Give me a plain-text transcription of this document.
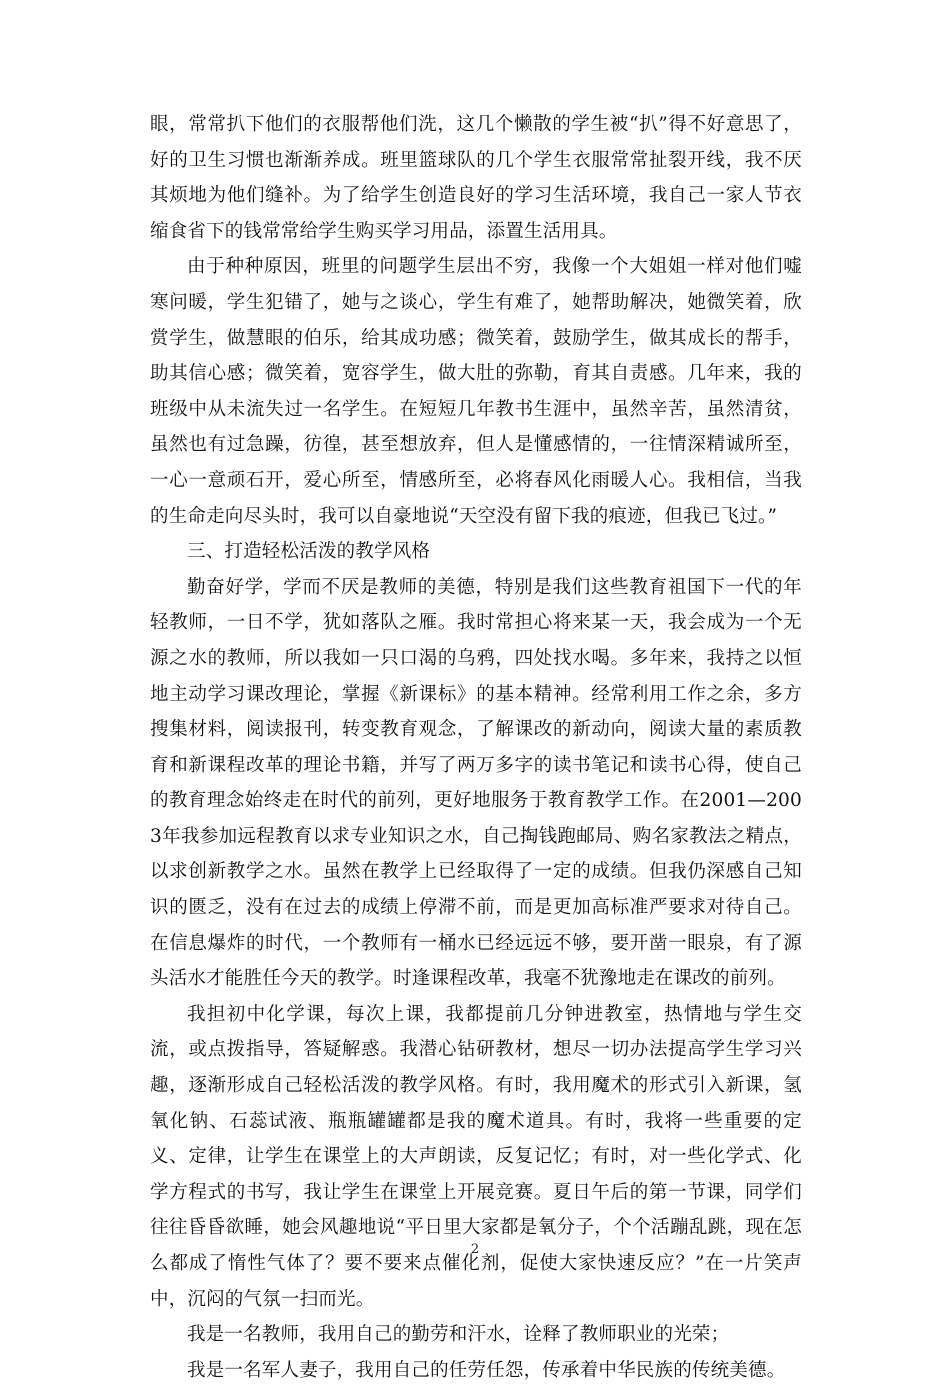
眼，常常扒下他们的衣服帮他们洗，这几个懒散的学生被“扒”得不好意思了，好的卫生习惯也渐渐养成。班里篮球队的几个学生衣服常常扯裂开线，我不厌其烦地为他们缝补。为了给学生创造良好的学习生活环境，我自己一家人节衣缩食省下的钱常常给学生购买学习用品，添置生活用具。

由于种种原因，班里的问题学生层出不穷，我像一个大姐姐一样对他们嘘寒问暖，学生犯错了，她与之谈心，学生有难了，她帮助解决，她微笑着，欣赏学生，做慧眼的伯乐，给其成功感；微笑着，鼓励学生，做其成长的帮手，助其信心感；微笑着，宽容学生，做大肚的弥勒，育其自责感。几年来，我的班级中从未流失过一名学生。在短短几年教书生涯中，虽然辛苦，虽然清贫，虽然也有过急躁，彷徨，甚至想放弃，但人是懂感情的，一往情深精诚所至，一心一意顽石开，爱心所至，情感所至，必将春风化雨暖人心。我相信，当我的生命走向尽头时，我可以自豪地说“天空没有留下我的痕迹，但我已飞过。”

三、打造轻松活泼的教学风格

勤奋好学，学而不厌是教师的美德，特别是我们这些教育祖国下一代的年轻教师，一日不学，犹如落队之雁。我时常担心将来某一天，我会成为一个无源之水的教师，所以我如一只口渴的乌鸦，四处找水喝。多年来，我持之以恒地主动学习课改理论，掌握《新课标》的基本精神。经常利用工作之余，多方搜集材料，阅读报刊，转变教育观念，了解课改的新动向，阅读大量的素质教育和新课程改革的理论书籍，并写了两万多字的读书笔记和读书心得，使自己的教育理念始终走在时代的前列，更好地服务于教育教学工作。在2001—2003年我参加远程教育以求专业知识之水，自己掏钱跑邮局、购名家教法之精点，以求创新教学之水。虽然在教学上已经取得了一定的成绩。但我仍深感自己知识的匮乏，没有在过去的成绩上停滞不前，而是更加高标准严要求对待自己。在信息爆炸的时代，一个教师有一桶水已经远远不够，要开凿一眼泉，有了源头活水才能胜任今天的教学。时逢课程改革，我毫不犹豫地走在课改的前列。

我担初中化学课，每次上课，我都提前几分钟进教室，热情地与学生交流，或点拨指导，答疑解惑。我潜心钻研教材，想尽一切办法提高学生学习兴趣，逐渐形成自己轻松活泼的教学风格。有时，我用魔术的形式引入新课，氢氧化钠、石蕊试液、瓶瓶罐罐都是我的魔术道具。有时，我将一些重要的定义、定律，让学生在课堂上的大声朗读，反复记忆；有时，对一些化学式、化学方程式的书写，我让学生在课堂上开展竞赛。夏日午后的第一节课，同学们往往昏昏欲睡，她会风趣地说“平日里大家都是氧分子，个个活蹦乱跳，现在怎么都成了惰性气体了？要不要来点催化剂，促使大家快速反应？”在一片笑声中，沉闷的气氛一扫而光。

我是一名教师，我用自己的勤劳和汗水，诠释了教师职业的光荣；

我是一名军人妻子，我用自己的任劳任怨，传承着中华民族的传统美德。

2
